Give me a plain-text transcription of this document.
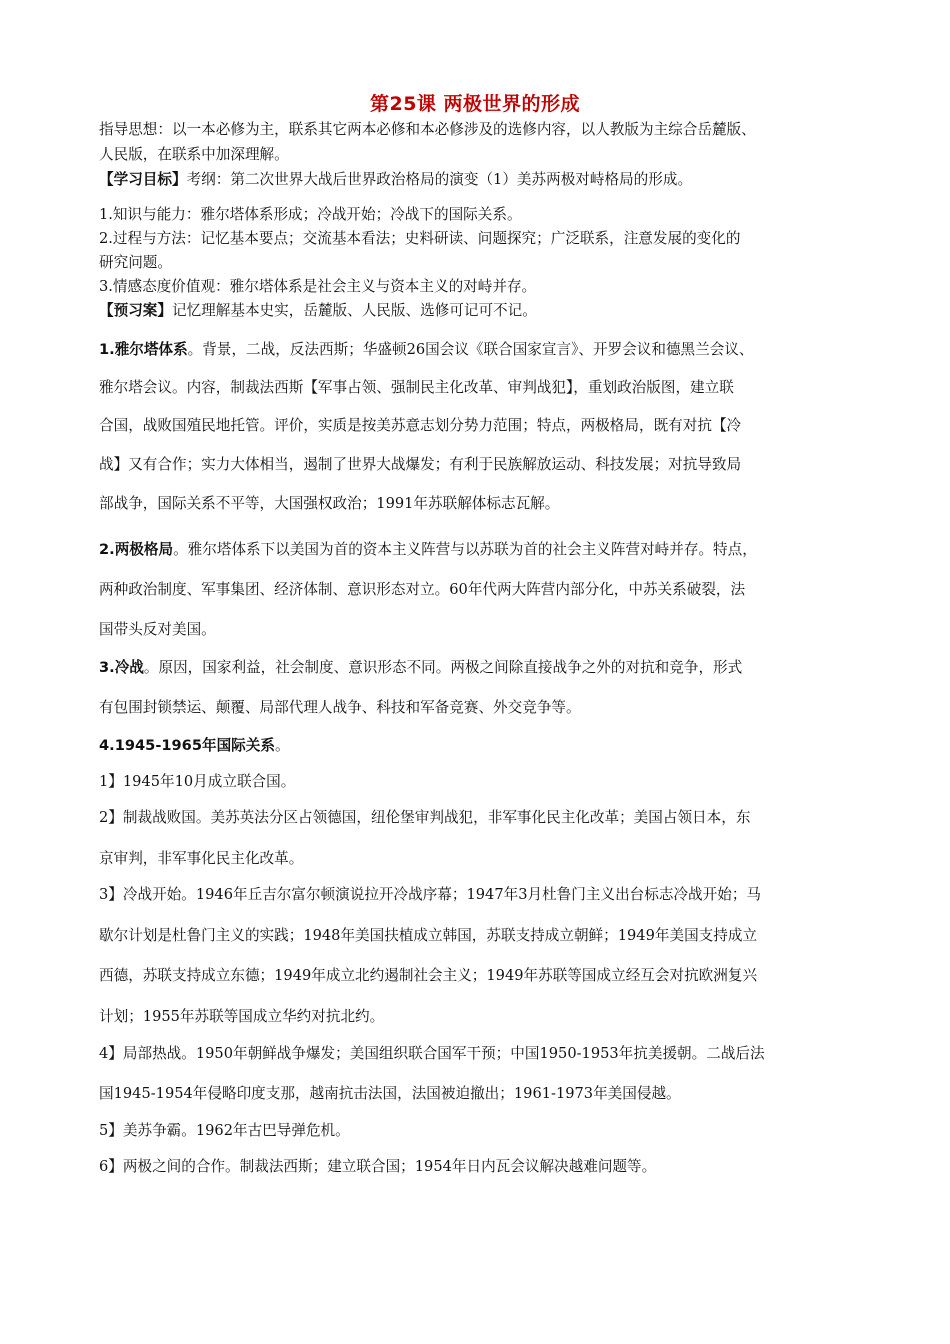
第25课 两极世界的形成
指导思想：以一本必修为主，联系其它两本必修和本必修涉及的选修内容，以人教版为主综合岳麓版、
人民版，在联系中加深理解。
【学习目标】考纲：第二次世界大战后世界政治格局的演变（1）美苏两极对峙格局的形成。
1.知识与能力：雅尔塔体系形成；冷战开始；冷战下的国际关系。
2.过程与方法：记忆基本要点；交流基本看法；史料研读、问题探究；广泛联系，注意发展的变化的
研究问题。
3.情感态度价值观：雅尔塔体系是社会主义与资本主义的对峙并存。
【预习案】记忆理解基本史实，岳麓版、人民版、选修可记可不记。
1.雅尔塔体系。背景，二战，反法西斯；华盛顿26国会议《联合国家宣言》、开罗会议和德黑兰会议、
雅尔塔会议。内容，制裁法西斯【军事占领、强制民主化改革、审判战犯】，重划政治版图，建立联
合国，战败国殖民地托管。评价，实质是按美苏意志划分势力范围；特点，两极格局，既有对抗【冷
战】又有合作；实力大体相当，遏制了世界大战爆发；有利于民族解放运动、科技发展；对抗导致局
部战争，国际关系不平等，大国强权政治；1991年苏联解体标志瓦解。
2.两极格局。雅尔塔体系下以美国为首的资本主义阵营与以苏联为首的社会主义阵营对峙并存。特点，
两种政治制度、军事集团、经济体制、意识形态对立。60年代两大阵营内部分化，中苏关系破裂，法
国带头反对美国。
3.冷战。原因，国家利益，社会制度、意识形态不同。两极之间除直接战争之外的对抗和竞争，形式
有包围封锁禁运、颠覆、局部代理人战争、科技和军备竞赛、外交竞争等。
4.1945-1965年国际关系。
1】1945年10月成立联合国。
2】制裁战败国。美苏英法分区占领德国，纽伦堡审判战犯，非军事化民主化改革；美国占领日本，东
京审判，非军事化民主化改革。
3】冷战开始。1946年丘吉尔富尔顿演说拉开冷战序幕；1947年3月杜鲁门主义出台标志冷战开始；马
歇尔计划是杜鲁门主义的实践；1948年美国扶植成立韩国，苏联支持成立朝鲜；1949年美国支持成立
西德，苏联支持成立东德；1949年成立北约遏制社会主义；1949年苏联等国成立经互会对抗欧洲复兴
计划；1955年苏联等国成立华约对抗北约。
4】局部热战。1950年朝鲜战争爆发；美国组织联合国军干预；中国1950-1953年抗美援朝。二战后法
国1945-1954年侵略印度支那，越南抗击法国，法国被迫撤出；1961-1973年美国侵越。
5】美苏争霸。1962年古巴导弹危机。
6】两极之间的合作。制裁法西斯；建立联合国；1954年日内瓦会议解决越难问题等。
